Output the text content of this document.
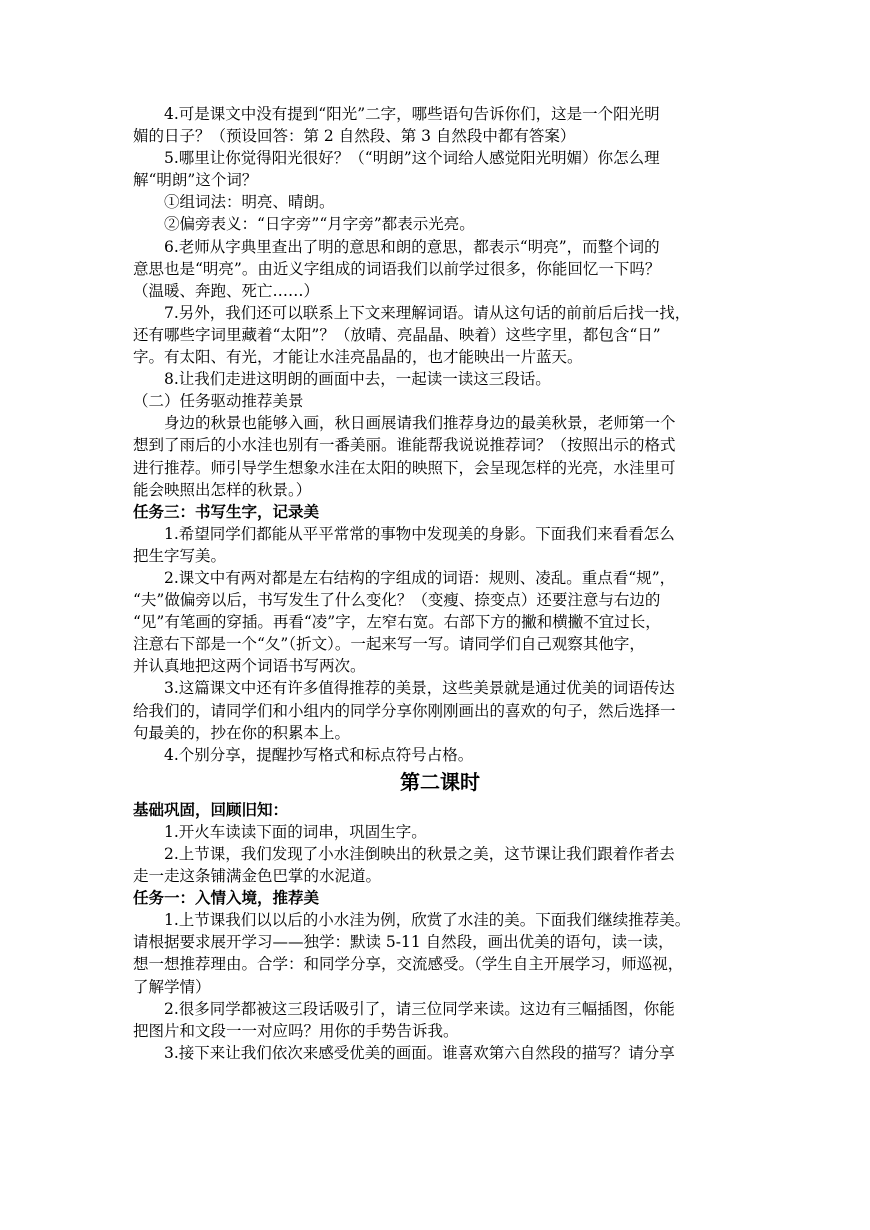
4.可是课文中没有提到“阳光”二字，哪些语句告诉你们，这是一个阳光明
媚的日子？（预设回答：第 2 自然段、第 3 自然段中都有答案）
5.哪里让你觉得阳光很好？（“明朗”这个词给人感觉阳光明媚）你怎么理
解“明朗”这个词？
①组词法：明亮、晴朗。
②偏旁表义：“日字旁”“月字旁”都表示光亮。
6.老师从字典里查出了明的意思和朗的意思，都表示“明亮”，而整个词的
意思也是“明亮”。由近义字组成的词语我们以前学过很多，你能回忆一下吗？
（温暖、奔跑、死亡……）
7.另外，我们还可以联系上下文来理解词语。请从这句话的前前后后找一找，
还有哪些字词里藏着“太阳”？（放晴、亮晶晶、映着）这些字里，都包含“日”
字。有太阳、有光，才能让水洼亮晶晶的，也才能映出一片蓝天。
8.让我们走进这明朗的画面中去，一起读一读这三段话。
（二）任务驱动推荐美景
身边的秋景也能够入画，秋日画展请我们推荐身边的最美秋景，老师第一个
想到了雨后的小水洼也别有一番美丽。谁能帮我说说推荐词？（按照出示的格式
进行推荐。师引导学生想象水洼在太阳的映照下，会呈现怎样的光亮，水洼里可
能会映照出怎样的秋景。）
任务三：书写生字，记录美
1.希望同学们都能从平平常常的事物中发现美的身影。下面我们来看看怎么
把生字写美。
2.课文中有两对都是左右结构的字组成的词语：规则、凌乱。重点看“规”，
“夫”做偏旁以后，书写发生了什么变化？（变瘦、捺变点）还要注意与右边的
“见”有笔画的穿插。再看“凌”字，左窄右宽。右部下方的撇和横撇不宜过长，
注意右下部是一个“夂”（折文）。一起来写一写。请同学们自己观察其他字，
并认真地把这两个词语书写两次。
3.这篇课文中还有许多值得推荐的美景，这些美景就是通过优美的词语传达
给我们的，请同学们和小组内的同学分享你刚刚画出的喜欢的句子，然后选择一
句最美的，抄在你的积累本上。
4.个别分享，提醒抄写格式和标点符号占格。
第二课时
基础巩固，回顾旧知：
1.开火车读读下面的词串，巩固生字。
2.上节课，我们发现了小水洼倒映出的秋景之美，这节课让我们跟着作者去
走一走这条铺满金色巴掌的水泥道。
任务一：入情入境，推荐美
1.上节课我们以以后的小水洼为例，欣赏了水洼的美。下面我们继续推荐美。
请根据要求展开学习——独学：默读 5-11 自然段，画出优美的语句，读一读，
想一想推荐理由。合学：和同学分享，交流感受。（学生自主开展学习，师巡视，
了解学情）
2.很多同学都被这三段话吸引了，请三位同学来读。这边有三幅插图，你能
把图片和文段一一对应吗？用你的手势告诉我。
3.接下来让我们依次来感受优美的画面。谁喜欢第六自然段的描写？请分享
